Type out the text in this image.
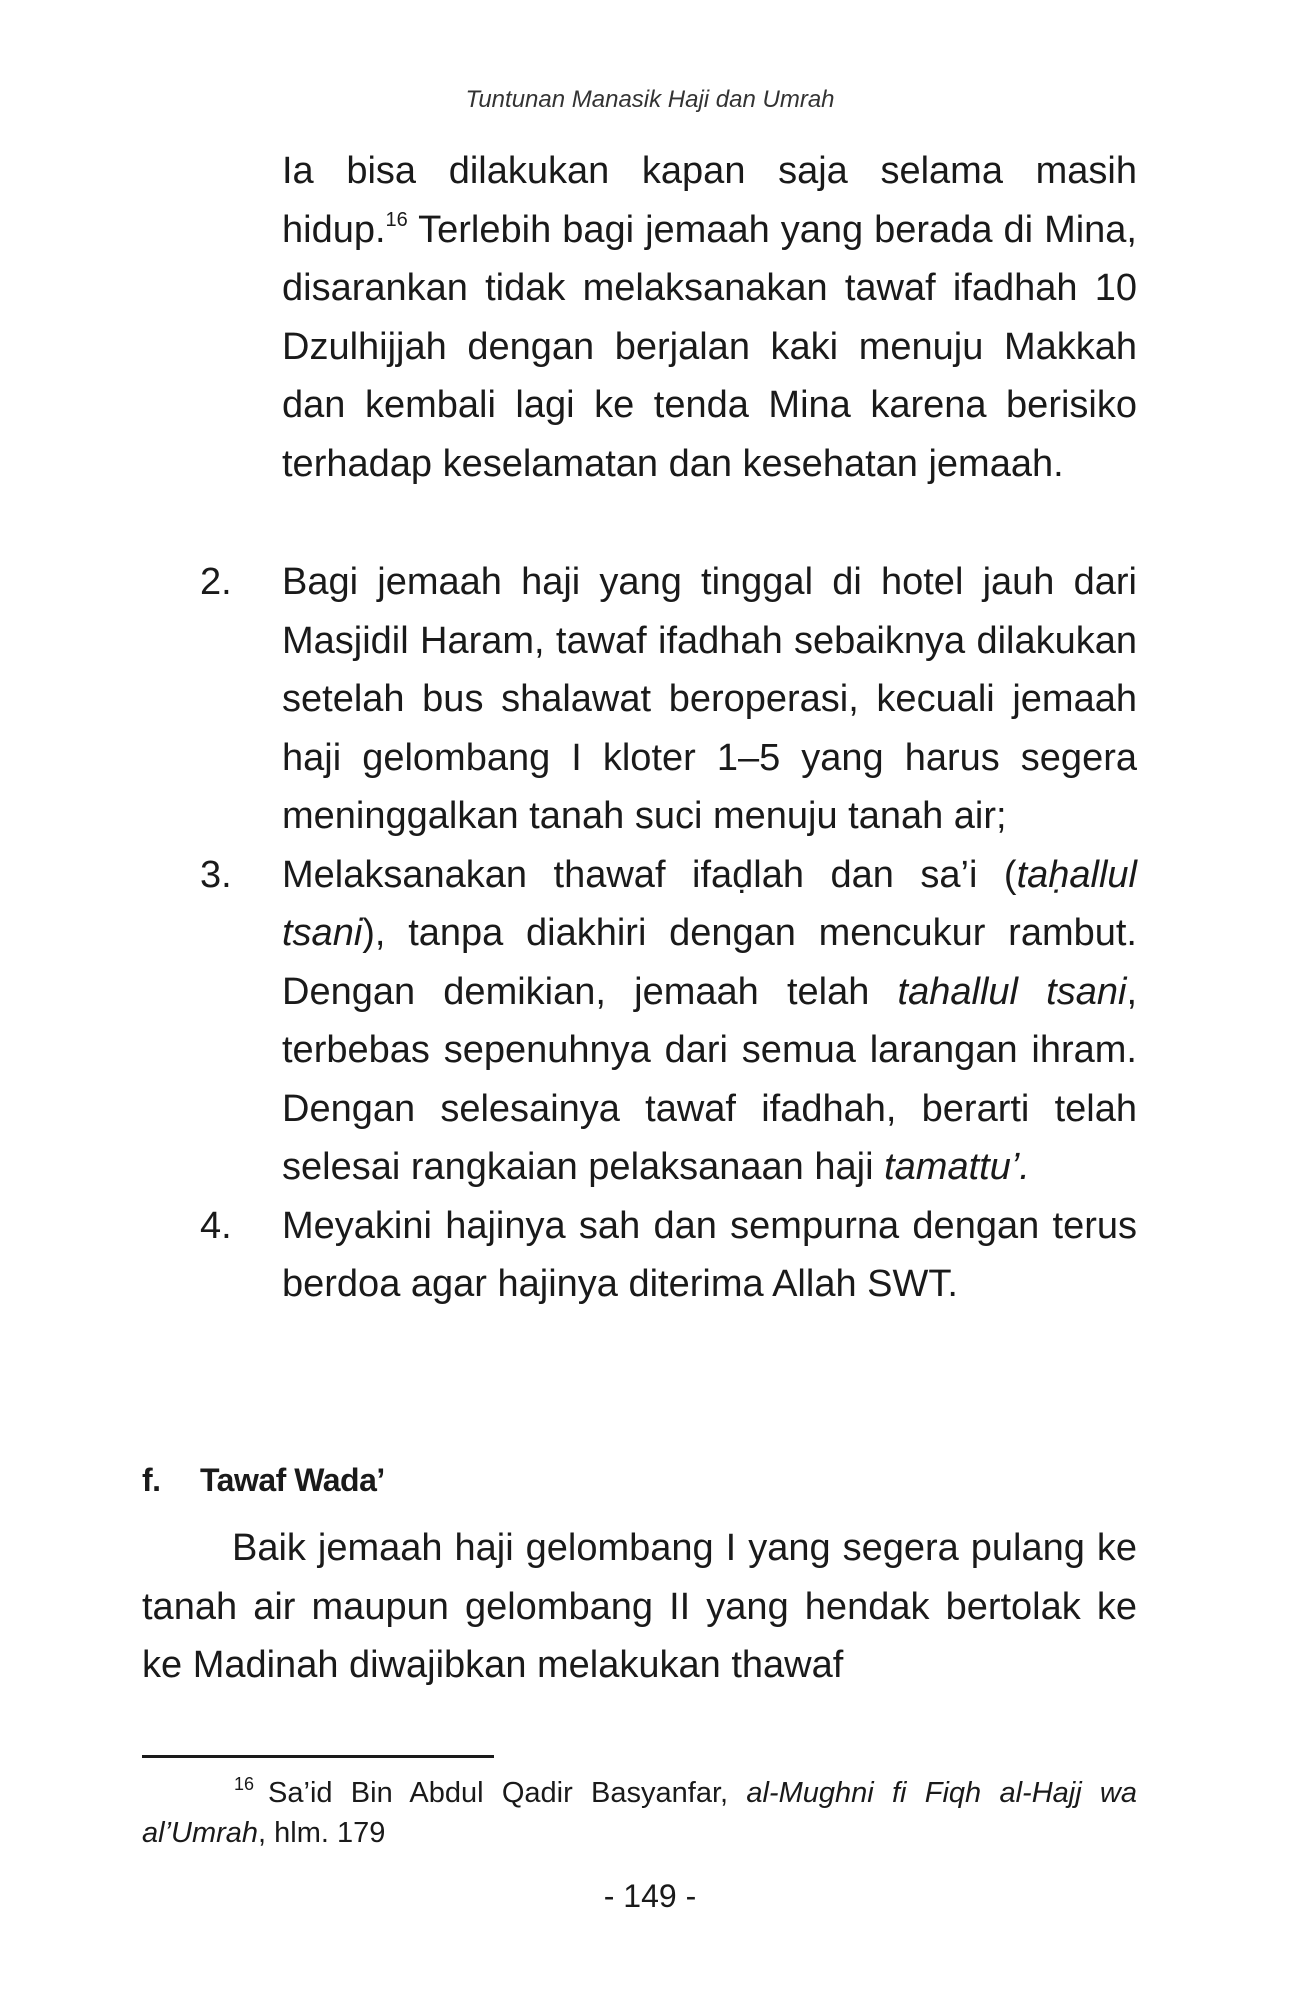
Tuntunan Manasik Haji dan Umrah
Ia bisa dilakukan kapan saja selama masih hidup.$^{16}$ Terlebih bagi jemaah yang berada di Mina, disarankan tidak melaksanakan tawaf ifadhah 10 Dzulhijjah dengan berjalan kaki menuju Makkah dan kembali lagi ke tenda Mina karena berisiko terhadap keselamatan dan kesehatan jemaah.
2.	Bagi jemaah haji yang tinggal di hotel jauh dari Masjidil Haram, tawaf ifadhah sebaiknya dilakukan setelah bus shalawat beroperasi, kecuali jemaah haji gelombang I kloter 1–5 yang harus segera meninggalkan tanah suci menuju tanah air;
3.	Melaksanakan thawaf ifaḍlah dan sa’i (taḥallul tsani), tanpa diakhiri dengan mencukur rambut. Dengan demikian, jemaah telah tahallul tsani, terbebas sepenuhnya dari semua larangan ihram. Dengan selesainya tawaf ifadhah, berarti telah selesai rangkaian pelaksanaan haji tamattu’.
4.	Meyakini hajinya sah dan sempurna dengan terus berdoa agar hajinya diterima Allah SWT.
f. Tawaf Wada’
Baik jemaah haji gelombang I yang segera pulang ke tanah air maupun gelombang II yang hendak bertolak ke ke Madinah diwajibkan melakukan thawaf
$^{16}$ Sa’id Bin Abdul Qadir Basyanfar, al-Mughni fi Fiqh al-Hajj wa al’Umrah, hlm. 179
- 149 -
